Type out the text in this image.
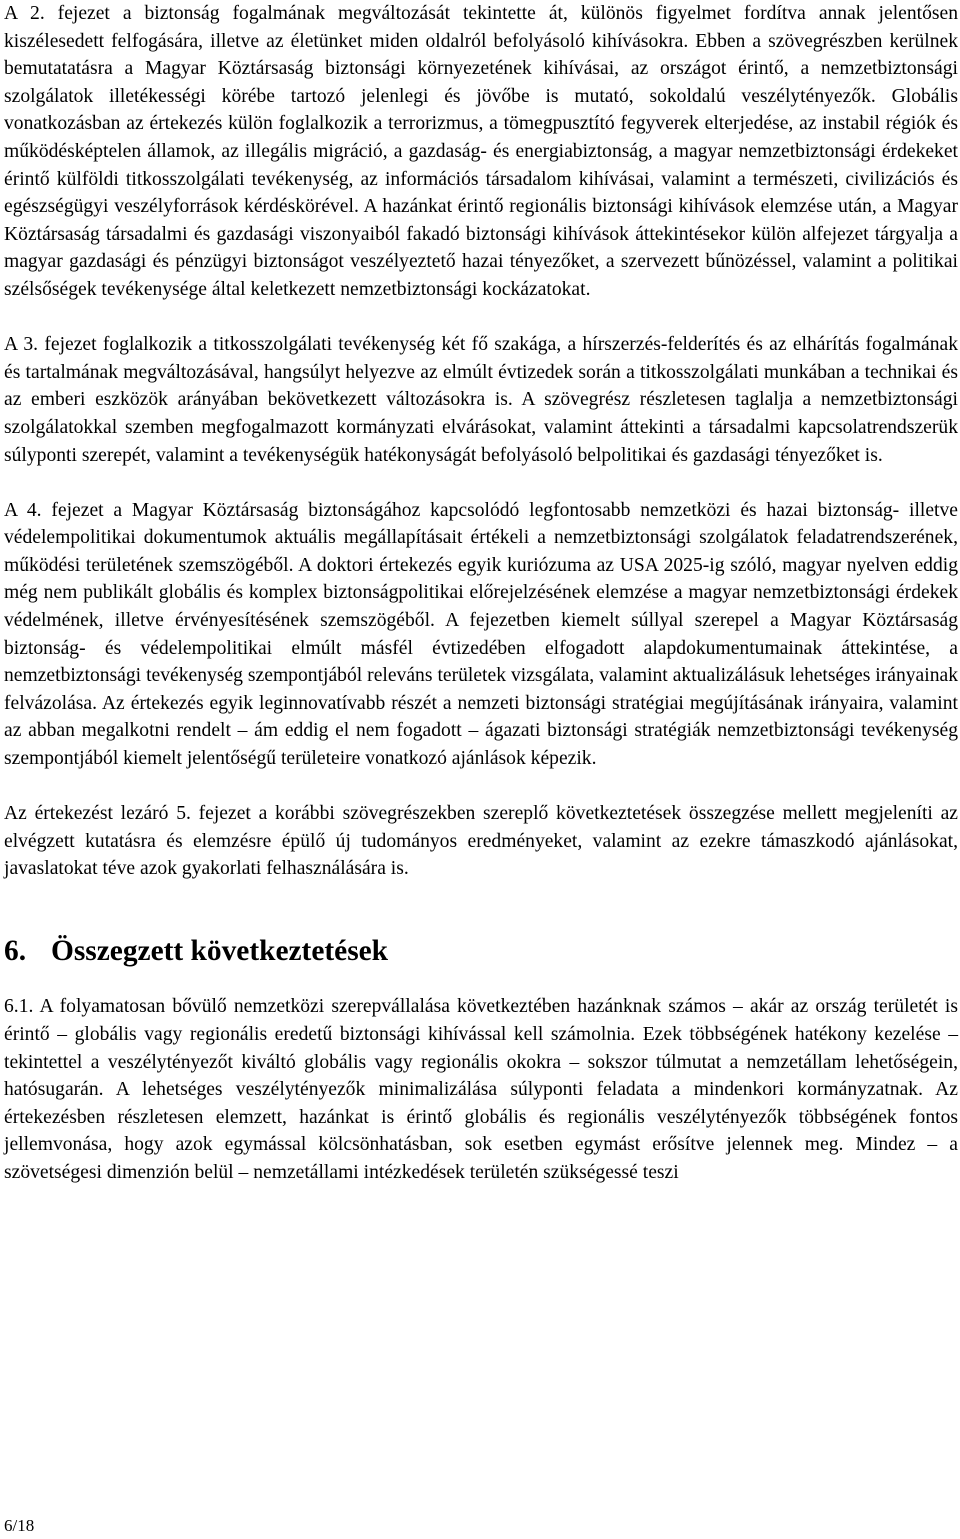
A 2. fejezet a biztonság fogalmának megváltozását tekintette át, különös figyelmet fordítva annak jelentősen kiszélesedett felfogására, illetve az életünket miden oldalról befolyásoló kihívásokra. Ebben a szövegrészben kerülnek bemutatatásra a Magyar Köztársaság biztonsági környezetének kihívásai, az országot érintő, a nemzetbiztonsági szolgálatok illetékességi körébe tartozó jelenlegi és jövőbe is mutató, sokoldalú veszélytényezők. Globális vonatkozásban az értekezés külön foglalkozik a terrorizmus, a tömegpusztító fegyverek elterjedése, az instabil régiók és működésképtelen államok, az illegális migráció, a gazdaság- és energiabiztonság, a magyar nemzetbiztonsági érdekeket érintő külföldi titkosszolgálati tevékenység, az információs társadalom kihívásai, valamint a természeti, civilizációs és egészségügyi veszélyforrások kérdéskörével. A hazánkat érintő regionális biztonsági kihívások elemzése után, a Magyar Köztársaság társadalmi és gazdasági viszonyaiból fakadó biztonsági kihívások áttekintésekor külön alfejezet tárgyalja a magyar gazdasági és pénzügyi biztonságot veszélyeztető hazai tényezőket, a szervezett bűnözéssel, valamint a politikai szélsőségek tevékenysége által keletkezett nemzetbiztonsági kockázatokat.

A 3. fejezet foglalkozik a titkosszolgálati tevékenység két fő szakága, a hírszerzés-felderítés és az elhárítás fogalmának és tartalmának megváltozásával, hangsúlyt helyezve az elmúlt évtizedek során a titkosszolgálati munkában a technikai és az emberi eszközök arányában bekövetkezett változásokra is. A szövegrész részletesen taglalja a nemzetbiztonsági szolgálatokkal szemben megfogalmazott kormányzati elvárásokat, valamint áttekinti a társadalmi kapcsolatrendszerük súlyponti szerepét, valamint a tevékenységük hatékonyságát befolyásoló belpolitikai és gazdasági tényezőket is.

A 4. fejezet a Magyar Köztársaság biztonságához kapcsolódó legfontosabb nemzetközi és hazai biztonság- illetve védelempolitikai dokumentumok aktuális megállapításait értékeli a nemzetbiztonsági szolgálatok feladatrendszerének, működési területének szemszögéből. A doktori értekezés egyik kuriózuma az USA 2025-ig szóló, magyar nyelven eddig még nem publikált globális és komplex biztonságpolitikai előrejelzésének elemzése a magyar nemzetbiztonsági érdekek védelmének, illetve érvényesítésének szemszögéből. A fejezetben kiemelt súllyal szerepel a Magyar Köztársaság biztonság- és védelempolitikai elmúlt másfél évtizedében elfogadott alapdokumentumainak áttekintése, a nemzetbiztonsági tevékenység szempontjából releváns területek vizsgálata, valamint aktualizálásuk lehetséges irányainak felvázolása. Az értekezés egyik leginnovatívabb részét a nemzeti biztonsági stratégiai megújításának irányaira, valamint az abban megalkotni rendelt – ám eddig el nem fogadott – ágazati biztonsági stratégiák nemzetbiztonsági tevékenység szempontjából kiemelt jelentőségű területeire vonatkozó ajánlások képezik.

Az értekezést lezáró 5. fejezet a korábbi szövegrészekben szereplő következtetések összegzése mellett megjeleníti az elvégzett kutatásra és elemzésre épülő új tudományos eredményeket, valamint az ezekre támaszkodó ajánlásokat, javaslatokat téve azok gyakorlati felhasználására is.

6. Összegzett következtetések

6.1. A folyamatosan bővülő nemzetközi szerepvállalása következtében hazánknak számos – akár az ország területét is érintő – globális vagy regionális eredetű biztonsági kihívással kell számolnia. Ezek többségének hatékony kezelése – tekintettel a veszélytényezőt kiváltó globális vagy regionális okokra – sokszor túlmutat a nemzetállam lehetőségein, hatósugarán. A lehetséges veszélytényezők minimalizálása súlyponti feladata a mindenkori kormányzatnak. Az értekezésben részletesen elemzett, hazánkat is érintő globális és regionális veszélytényezők többségének fontos jellemvonása, hogy azok egymással kölcsönhatásban, sok esetben egymást erősítve jelennek meg. Mindez – a szövetségesi dimenzión belül – nemzetállami intézkedések területén szükségessé teszi

6/18
